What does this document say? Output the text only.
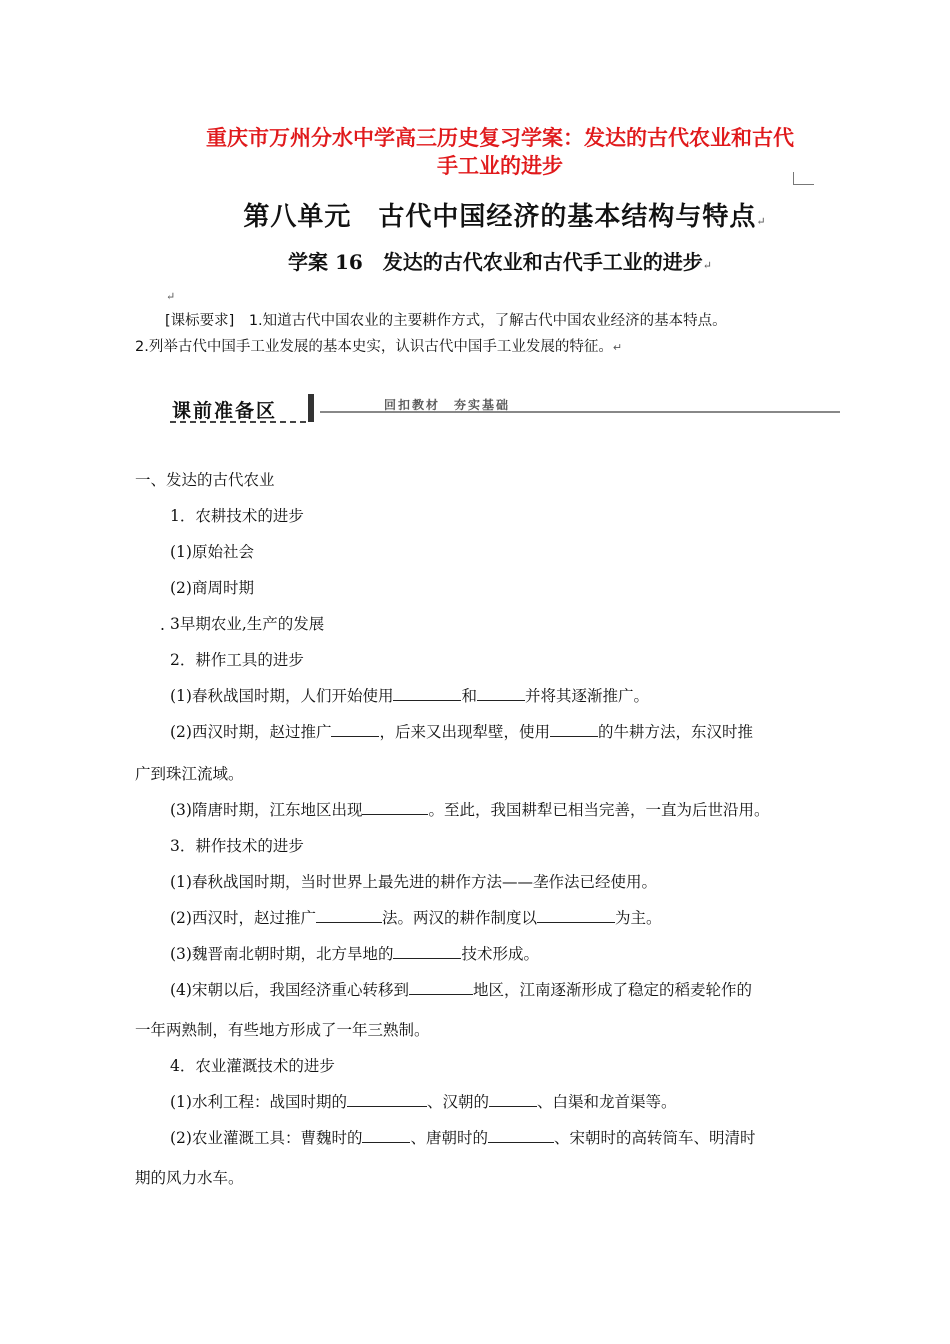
重庆市万州分水中学高三历史复习学案：发达的古代农业和古代
手工业的进步
第八单元　古代中国经济的基本结构与特点↵
学案 16　发达的古代农业和古代手工业的进步↵
↵
[课标要求]　1.知道古代中国农业的主要耕作方式，了解古代中国农业经济的基本特点。
2.列举古代中国手工业发展的基本史实，认识古代中国手工业发展的特征。↵
课前准备区	回扣教材　夯实基础
一、发达的古代农业
1．农耕技术的进步
(1)原始社会
(2)商周时期
. 3早期农业,生产的发展
2．耕作工具的进步
(1)春秋战国时期，人们开始使用	和	并将其逐渐推广。
(2)西汉时期，赵过推广	，后来又出现犁壁，使用	的牛耕方法，东汉时推
广到珠江流域。
(3)隋唐时期，江东地区出现	。至此，我国耕犁已相当完善，一直为后世沿用。
3．耕作技术的进步
(1)春秋战国时期，当时世界上最先进的耕作方法——垄作法已经使用。
(2)西汉时，赵过推广	法。两汉的耕作制度以	为主。
(3)魏晋南北朝时期，北方旱地的	技术形成。
(4)宋朝以后，我国经济重心转移到	地区，江南逐渐形成了稳定的稻麦轮作的
一年两熟制，有些地方形成了一年三熟制。
4．农业灌溉技术的进步
(1)水利工程：战国时期的	、汉朝的	、白渠和龙首渠等。
(2)农业灌溉工具：曹魏时的	、唐朝时的	、宋朝时的高转筒车、明清时
期的风力水车。
